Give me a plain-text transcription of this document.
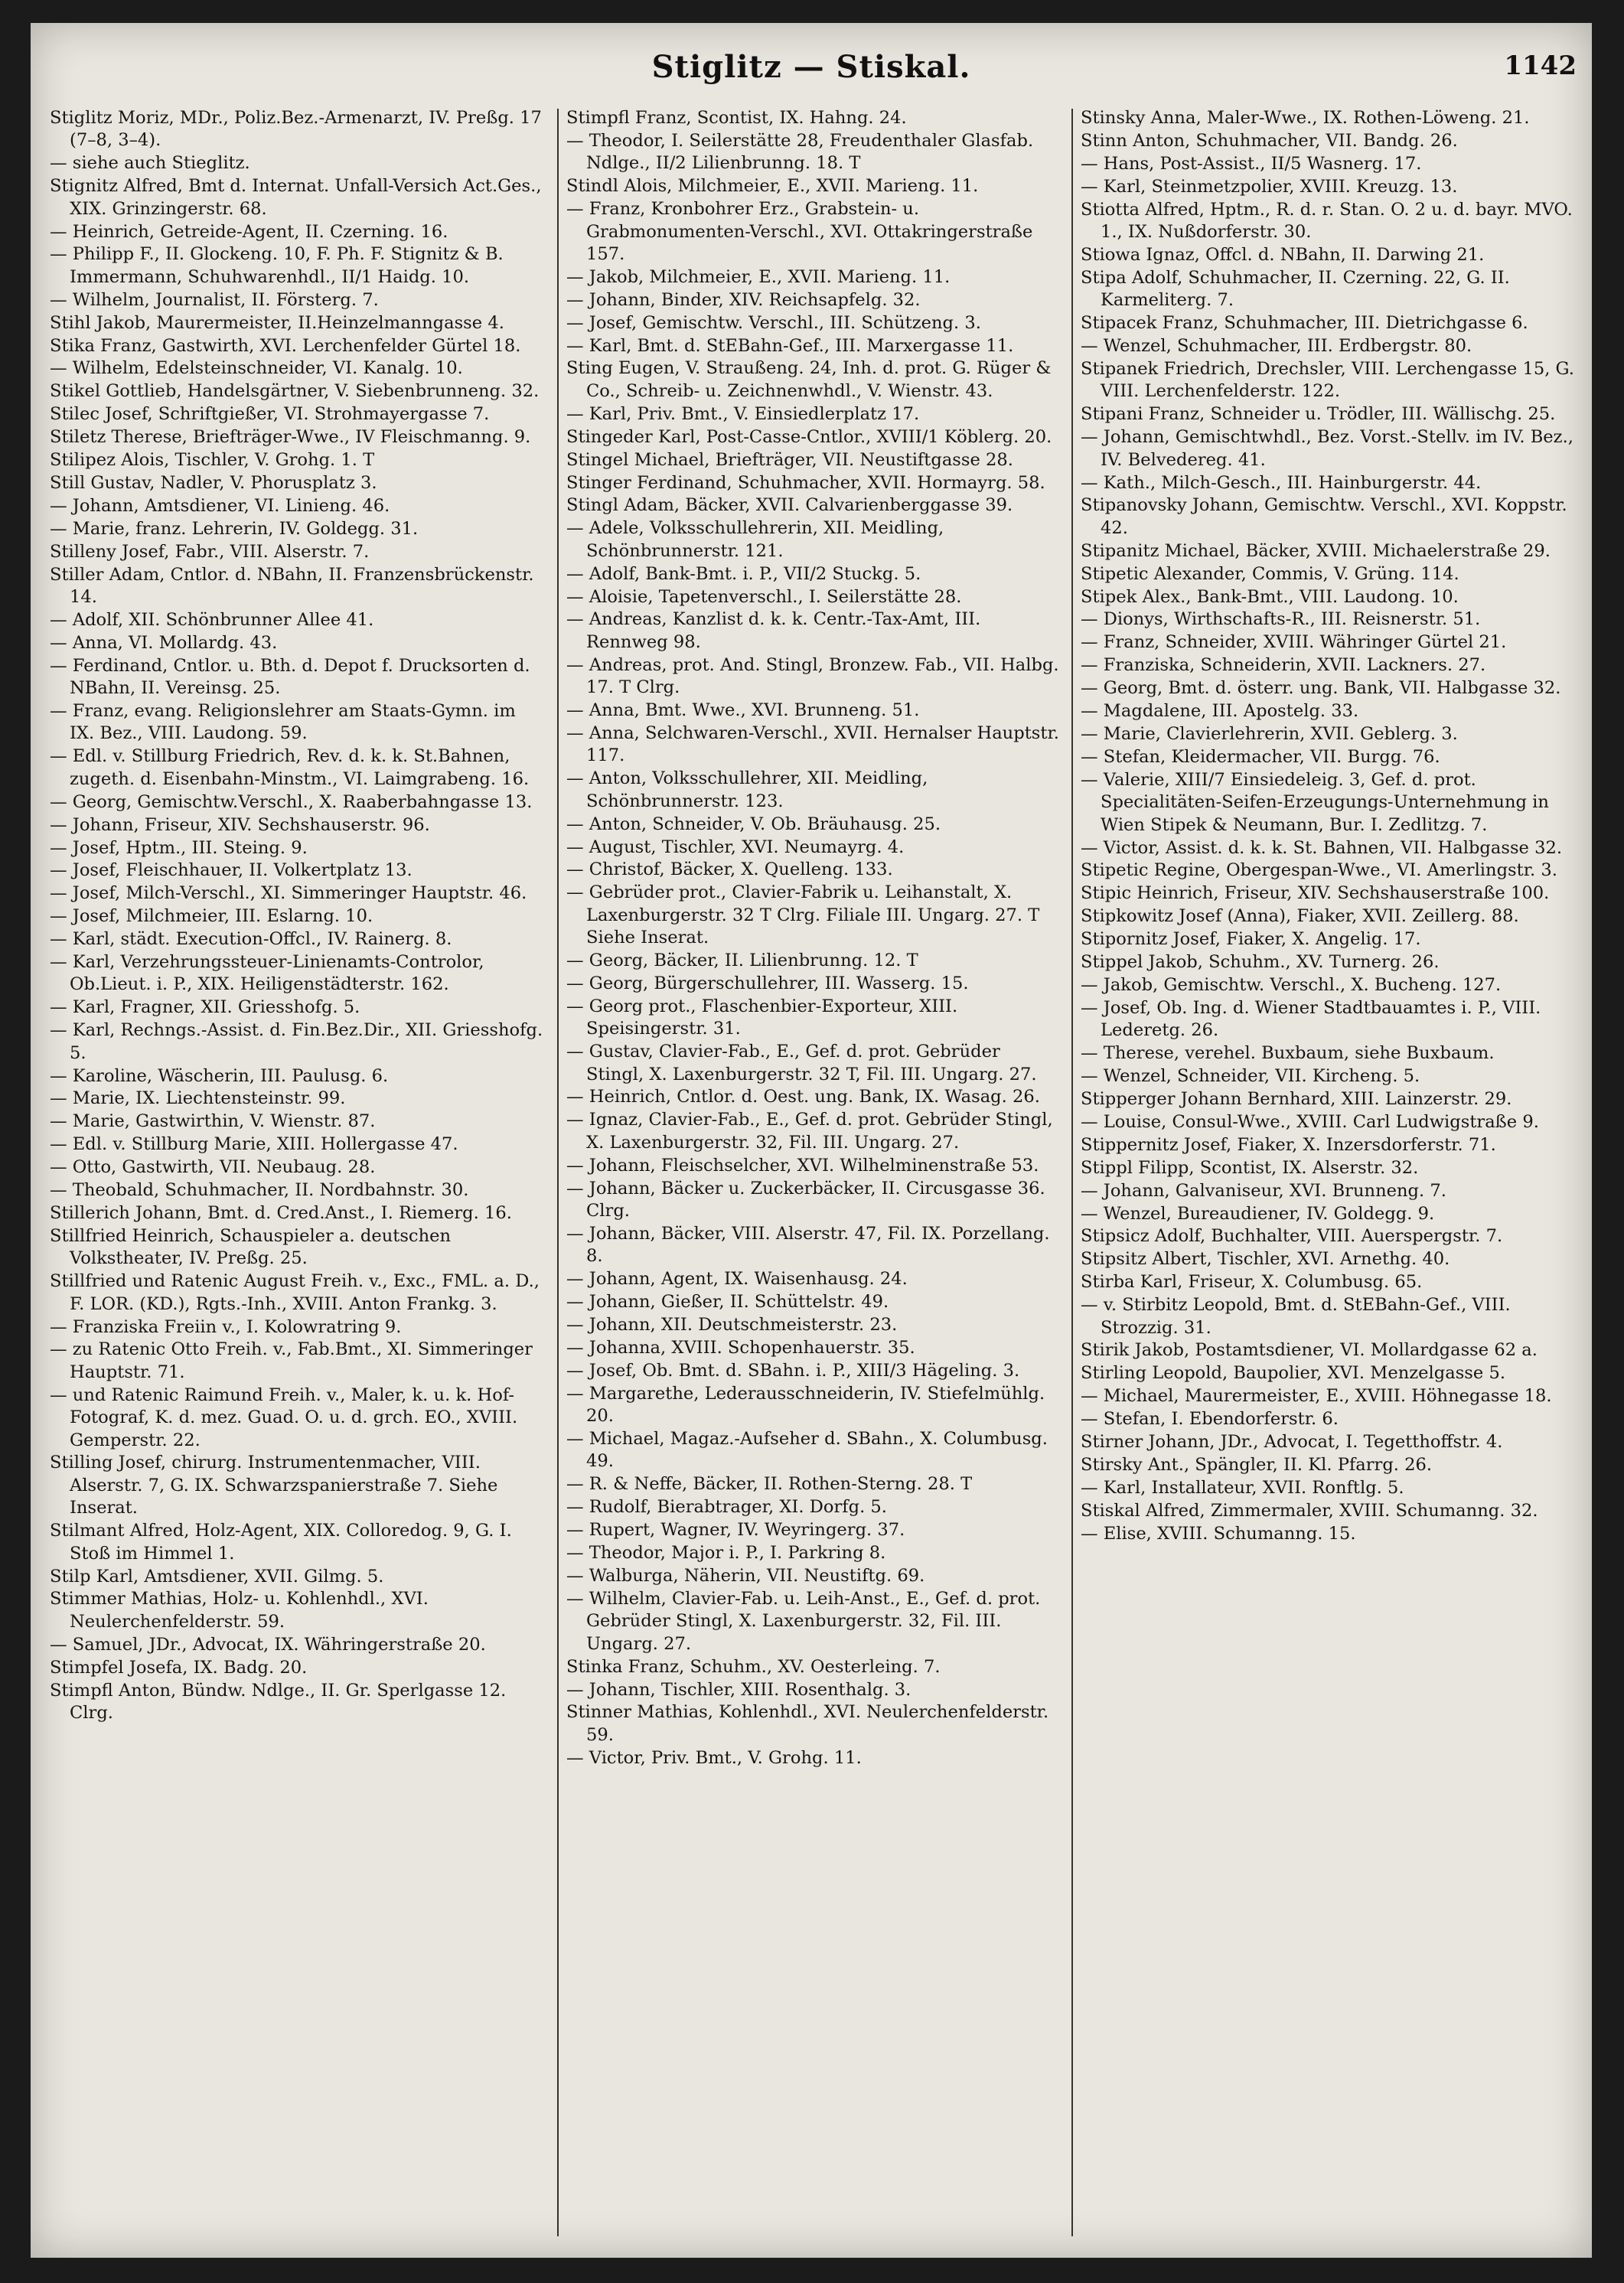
Stiglitz — Stiskal.	1142
Stiglitz Moriz, MDr., Poliz.Bez.-Armenarzt, IV. Preßg. 17 (7–8, 3–4).
— siehe auch Stieglitz.
Stignitz Alfred, Bmt d. Internat. Unfall-Versich Act.Ges., XIX. Grinzingerstr. 68.
— Heinrich, Getreide-Agent, II. Czerning. 16.
— Philipp F., II. Glockeng. 10, F. Ph. F. Stignitz & B. Immermann, Schuhwarenhdl., II/1 Haidg. 10.
— Wilhelm, Journalist, II. Försterg. 7.
Stihl Jakob, Maurermeister, II.Heinzelmanngasse 4.
Stika Franz, Gastwirth, XVI. Lerchenfelder Gürtel 18.
— Wilhelm, Edelsteinschneider, VI. Kanalg. 10.
Stikel Gottlieb, Handelsgärtner, V. Siebenbrunneng. 32.
Stilec Josef, Schriftgießer, VI. Strohmayergasse 7.
Stiletz Therese, Briefträger-Wwe., IV Fleischmanng. 9.
Stilipez Alois, Tischler, V. Grohg. 1. T
Still Gustav, Nadler, V. Phorusplatz 3.
— Johann, Amtsdiener, VI. Linieng. 46.
— Marie, franz. Lehrerin, IV. Goldegg. 31.
Stilleny Josef, Fabr., VIII. Alserstr. 7.
Stiller Adam, Cntlor. d. NBahn, II. Franzensbrückenstr. 14.
— Adolf, XII. Schönbrunner Allee 41.
— Anna, VI. Mollardg. 43.
— Ferdinand, Cntlor. u. Bth. d. Depot f. Drucksorten d. NBahn, II. Vereinsg. 25.
— Franz, evang. Religionslehrer am Staats-Gymn. im IX. Bez., VIII. Laudong. 59.
— Edl. v. Stillburg Friedrich, Rev. d. k. k. St.Bahnen, zugeth. d. Eisenbahn-Minstm., VI. Laimgrabeng. 16.
— Georg, Gemischtw.Verschl., X. Raaberbahngasse 13.
— Johann, Friseur, XIV. Sechshauserstr. 96.
— Josef, Hptm., III. Steing. 9.
— Josef, Fleischhauer, II. Volkertplatz 13.
— Josef, Milch-Verschl., XI. Simmeringer Hauptstr. 46.
— Josef, Milchmeier, III. Eslarng. 10.
— Karl, städt. Execution-Offcl., IV. Rainerg. 8.
— Karl, Verzehrungssteuer-Linienamts-Controlor, Ob.Lieut. i. P., XIX. Heiligenstädterstr. 162.
— Karl, Fragner, XII. Griesshofg. 5.
— Karl, Rechngs.-Assist. d. Fin.Bez.Dir., XII. Griesshofg. 5.
— Karoline, Wäscherin, III. Paulusg. 6.
— Marie, IX. Liechtensteinstr. 99.
— Marie, Gastwirthin, V. Wienstr. 87.
— Edl. v. Stillburg Marie, XIII. Hollergasse 47.
— Otto, Gastwirth, VII. Neubaug. 28.
— Theobald, Schuhmacher, II. Nordbahnstr. 30.
Stillerich Johann, Bmt. d. Cred.Anst., I. Riemerg. 16.
Stillfried Heinrich, Schauspieler a. deutschen Volkstheater, IV. Preßg. 25.
Stillfried und Ratenic August Freih. v., Exc., FML. a. D., F. LOR. (KD.), Rgts.-Inh., XVIII. Anton Frankg. 3.
— Franziska Freiin v., I. Kolowratring 9.
— zu Ratenic Otto Freih. v., Fab.Bmt., XI. Simmeringer Hauptstr. 71.
— und Ratenic Raimund Freih. v., Maler, k. u. k. Hof-Fotograf, K. d. mez. Guad. O. u. d. grch. EO., XVIII. Gemperstr. 22.
Stilling Josef, chirurg. Instrumentenmacher, VIII. Alserstr. 7, G. IX. Schwarzspanierstraße 7. Siehe Inserat.
Stilmant Alfred, Holz-Agent, XIX. Colloredog. 9, G. I. Stoß im Himmel 1.
Stilp Karl, Amtsdiener, XVII. Gilmg. 5.
Stimmer Mathias, Holz- u. Kohlenhdl., XVI. Neulerchenfelderstr. 59.
— Samuel, JDr., Advocat, IX. Währingerstraße 20.
Stimpfel Josefa, IX. Badg. 20.
Stimpfl Anton, Bündw. Ndlge., II. Gr. Sperlgasse 12. Clrg.
Stimpfl Franz, Scontist, IX. Hahng. 24.
— Theodor, I. Seilerstätte 28, Freudenthaler Glasfab. Ndlge., II/2 Lilienbrunng. 18. T
Stindl Alois, Milchmeier, E., XVII. Marieng. 11.
— Franz, Kronbohrer Erz., Grabstein- u. Grabmonumenten-Verschl., XVI. Ottakringerstraße 157.
— Jakob, Milchmeier, E., XVII. Marieng. 11.
— Johann, Binder, XIV. Reichsapfelg. 32.
— Josef, Gemischtw. Verschl., III. Schützeng. 3.
— Karl, Bmt. d. StEBahn-Gef., III. Marxergasse 11.
Sting Eugen, V. Straußeng. 24, Inh. d. prot. G. Rüger & Co., Schreib- u. Zeichnenwhdl., V. Wienstr. 43.
— Karl, Priv. Bmt., V. Einsiedlerplatz 17.
Stingeder Karl, Post-Casse-Cntlor., XVIII/1 Köblerg. 20.
Stingel Michael, Briefträger, VII. Neustiftgasse 28.
Stinger Ferdinand, Schuhmacher, XVII. Hormayrg. 58.
Stingl Adam, Bäcker, XVII. Calvarienberggasse 39.
— Adele, Volksschullehrerin, XII. Meidling, Schönbrunnerstr. 121.
— Adolf, Bank-Bmt. i. P., VII/2 Stuckg. 5.
— Aloisie, Tapetenverschl., I. Seilerstätte 28.
— Andreas, Kanzlist d. k. k. Centr.-Tax-Amt, III. Rennweg 98.
— Andreas, prot. And. Stingl, Bronzew. Fab., VII. Halbg. 17. T Clrg.
— Anna, Bmt. Wwe., XVI. Brunneng. 51.
— Anna, Selchwaren-Verschl., XVII. Hernalser Hauptstr. 117.
— Anton, Volksschullehrer, XII. Meidling, Schönbrunnerstr. 123.
— Anton, Schneider, V. Ob. Bräuhausg. 25.
— August, Tischler, XVI. Neumayrg. 4.
— Christof, Bäcker, X. Quelleng. 133.
— Gebrüder prot., Clavier-Fabrik u. Leihanstalt, X. Laxenburgerstr. 32 T Clrg. Filiale III. Ungarg. 27. T Siehe Inserat.
— Georg, Bäcker, II. Lilienbrunng. 12. T
— Georg, Bürgerschullehrer, III. Wasserg. 15.
— Georg prot., Flaschenbier-Exporteur, XIII. Speisingerstr. 31.
— Gustav, Clavier-Fab., E., Gef. d. prot. Gebrüder Stingl, X. Laxenburgerstr. 32 T, Fil. III. Ungarg. 27.
— Heinrich, Cntlor. d. Oest. ung. Bank, IX. Wasag. 26.
— Ignaz, Clavier-Fab., E., Gef. d. prot. Gebrüder Stingl, X. Laxenburgerstr. 32, Fil. III. Ungarg. 27.
— Johann, Fleischselcher, XVI. Wilhelminenstraße 53.
— Johann, Bäcker u. Zuckerbäcker, II. Circusgasse 36. Clrg.
— Johann, Bäcker, VIII. Alserstr. 47, Fil. IX. Porzellang. 8.
— Johann, Agent, IX. Waisenhausg. 24.
— Johann, Gießer, II. Schüttelstr. 49.
— Johann, XII. Deutschmeisterstr. 23.
— Johanna, XVIII. Schopenhauerstr. 35.
— Josef, Ob. Bmt. d. SBahn. i. P., XIII/3 Hägeling. 3.
— Margarethe, Lederausschneiderin, IV. Stiefelmühlg. 20.
— Michael, Magaz.-Aufseher d. SBahn., X. Columbusg. 49.
— R. & Neffe, Bäcker, II. Rothen-Sterng. 28. T
— Rudolf, Bierabtrager, XI. Dorfg. 5.
— Rupert, Wagner, IV. Weyringerg. 37.
— Theodor, Major i. P., I. Parkring 8.
— Walburga, Näherin, VII. Neustiftg. 69.
— Wilhelm, Clavier-Fab. u. Leih-Anst., E., Gef. d. prot. Gebrüder Stingl, X. Laxenburgerstr. 32, Fil. III. Ungarg. 27.
Stinka Franz, Schuhm., XV. Oesterleing. 7.
— Johann, Tischler, XIII. Rosenthalg. 3.
Stinner Mathias, Kohlenhdl., XVI. Neulerchenfelderstr. 59.
— Victor, Priv. Bmt., V. Grohg. 11.
Stinsky Anna, Maler-Wwe., IX. Rothen-Löweng. 21.
Stinn Anton, Schuhmacher, VII. Bandg. 26.
— Hans, Post-Assist., II/5 Wasnerg. 17.
— Karl, Steinmetzpolier, XVIII. Kreuzg. 13.
Stiotta Alfred, Hptm., R. d. r. Stan. O. 2 u. d. bayr. MVO. 1., IX. Nußdorferstr. 30.
Stiowa Ignaz, Offcl. d. NBahn, II. Darwing 21.
Stipa Adolf, Schuhmacher, II. Czerning. 22, G. II. Karmeliterg. 7.
Stipacek Franz, Schuhmacher, III. Dietrichgasse 6.
— Wenzel, Schuhmacher, III. Erdbergstr. 80.
Stipanek Friedrich, Drechsler, VIII. Lerchengasse 15, G. VIII. Lerchenfelderstr. 122.
Stipani Franz, Schneider u. Trödler, III. Wällischg. 25.
— Johann, Gemischtwhdl., Bez. Vorst.-Stellv. im IV. Bez., IV. Belvedereg. 41.
— Kath., Milch-Gesch., III. Hainburgerstr. 44.
Stipanovsky Johann, Gemischtw. Verschl., XVI. Koppstr. 42.
Stipanitz Michael, Bäcker, XVIII. Michaelerstraße 29.
Stipetic Alexander, Commis, V. Grüng. 114.
Stipek Alex., Bank-Bmt., VIII. Laudong. 10.
— Dionys, Wirthschafts-R., III. Reisnerstr. 51.
— Franz, Schneider, XVIII. Währinger Gürtel 21.
— Franziska, Schneiderin, XVII. Lackners. 27.
— Georg, Bmt. d. österr. ung. Bank, VII. Halbgasse 32.
— Magdalene, III. Apostelg. 33.
— Marie, Clavierlehrerin, XVII. Geblerg. 3.
— Stefan, Kleidermacher, VII. Burgg. 76.
— Valerie, XIII/7 Einsiedeleig. 3, Gef. d. prot. Specialitäten-Seifen-Erzeugungs-Unternehmung in Wien Stipek & Neumann, Bur. I. Zedlitzg. 7.
— Victor, Assist. d. k. k. St. Bahnen, VII. Halbgasse 32.
Stipetic Regine, Obergespan-Wwe., VI. Amerlingstr. 3.
Stipic Heinrich, Friseur, XIV. Sechshauserstraße 100.
Stipkowitz Josef (Anna), Fiaker, XVII. Zeillerg. 88.
Stipornitz Josef, Fiaker, X. Angelig. 17.
Stippel Jakob, Schuhm., XV. Turnerg. 26.
— Jakob, Gemischtw. Verschl., X. Bucheng. 127.
— Josef, Ob. Ing. d. Wiener Stadtbauamtes i. P., VIII. Lederetg. 26.
— Therese, verehel. Buxbaum, siehe Buxbaum.
— Wenzel, Schneider, VII. Kircheng. 5.
Stipperger Johann Bernhard, XIII. Lainzerstr. 29.
— Louise, Consul-Wwe., XVIII. Carl Ludwigstraße 9.
Stippernitz Josef, Fiaker, X. Inzersdorferstr. 71.
Stippl Filipp, Scontist, IX. Alserstr. 32.
— Johann, Galvaniseur, XVI. Brunneng. 7.
— Wenzel, Bureaudiener, IV. Goldegg. 9.
Stipsicz Adolf, Buchhalter, VIII. Auerspergstr. 7.
Stipsitz Albert, Tischler, XVI. Arnethg. 40.
Stirba Karl, Friseur, X. Columbusg. 65.
— v. Stirbitz Leopold, Bmt. d. StEBahn-Gef., VIII. Strozzig. 31.
Stirik Jakob, Postamtsdiener, VI. Mollardgasse 62 a.
Stirling Leopold, Baupolier, XVI. Menzelgasse 5.
— Michael, Maurermeister, E., XVIII. Höhnegasse 18.
— Stefan, I. Ebendorferstr. 6.
Stirner Johann, JDr., Advocat, I. Tegetthoffstr. 4.
Stirsky Ant., Spängler, II. Kl. Pfarrg. 26.
— Karl, Installateur, XVII. Ronftlg. 5.
Stiskal Alfred, Zimmermaler, XVIII. Schumanng. 32.
— Elise, XVIII. Schumanng. 15.
